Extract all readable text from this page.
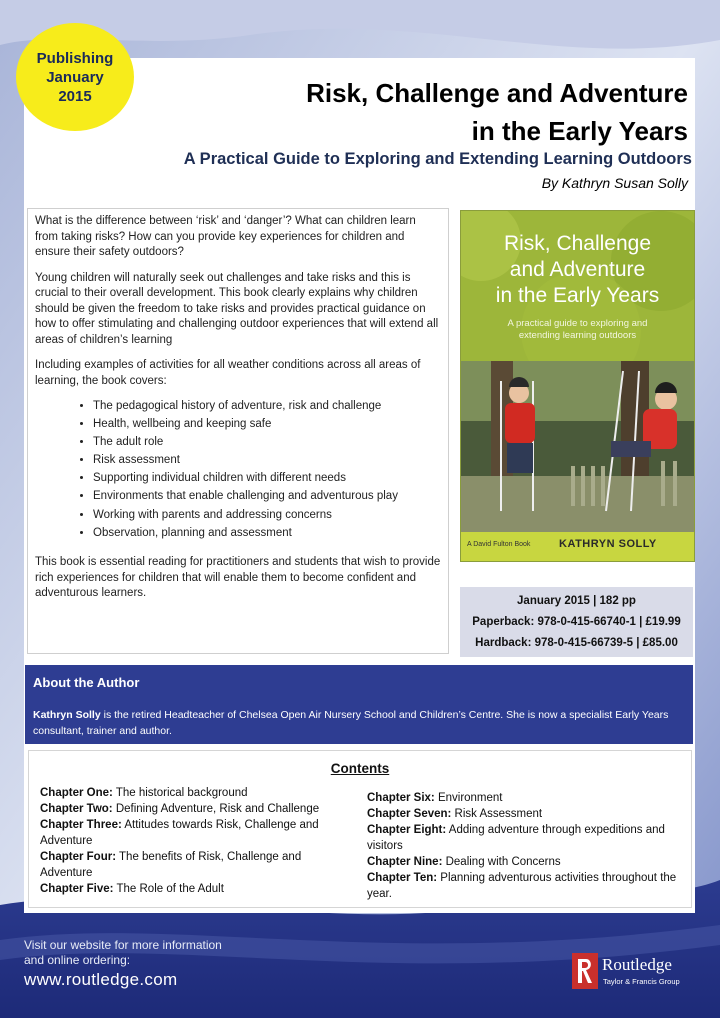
Publishing
January
2015	Risk, Challenge and Adventure
in the Early Years
A Practical Guide to Exploring and Extending Learning Outdoors
By Kathryn Susan Solly

What is the difference between ‘risk’ and ‘danger’? What can children learn from taking risks? How can you provide key experiences for children and ensure their safety outdoors?

Young children will naturally seek out challenges and take risks and this is crucial to their overall development. This book clearly explains why children should be given the freedom to take risks and provides practical guidance on how to offer stimulating and challenging outdoor experiences that will extend all areas of children’s learning

Including examples of activities for all weather conditions across all areas of learning, the book covers:

• The pedagogical history of adventure, risk and challenge
• Health, wellbeing and keeping safe
• The adult role
• Risk assessment
• Supporting individual children with different needs
• Environments that enable challenging and adventurous play
• Working with parents and addressing concerns
• Observation, planning and assessment

This book is essential reading for practitioners and students that wish to provide rich experiences for children that will enable them to become confident and adventurous learners.

Risk, Challenge
and Adventure
in the Early Years
A practical guide to exploring and
extending learning outdoors
A David Fulton Book	KATHRYN SOLLY
January 2015 | 182 pp
Paperback: 978-0-415-66740-1 | £19.99
Hardback: 978-0-415-66739-5 | £85.00
About the Author
Kathryn Solly is the retired Headteacher of Chelsea Open Air Nursery School and Children’s Centre. She is now a specialist Early Years consultant, trainer and author.
Contents
Chapter One: The historical background
Chapter Two: Defining Adventure, Risk and Challenge
Chapter Three: Attitudes towards Risk, Challenge and Adventure
Chapter Four: The benefits of Risk, Challenge and Adventure
Chapter Five: The Role of the Adult
Chapter Six: Environment
Chapter Seven: Risk Assessment
Chapter Eight: Adding adventure through expeditions and visitors
Chapter Nine: Dealing with Concerns
Chapter Ten: Planning adventurous activities throughout the year.
Visit our website for more information
and online ordering:
www.routledge.com
Routledge
Taylor & Francis Group
